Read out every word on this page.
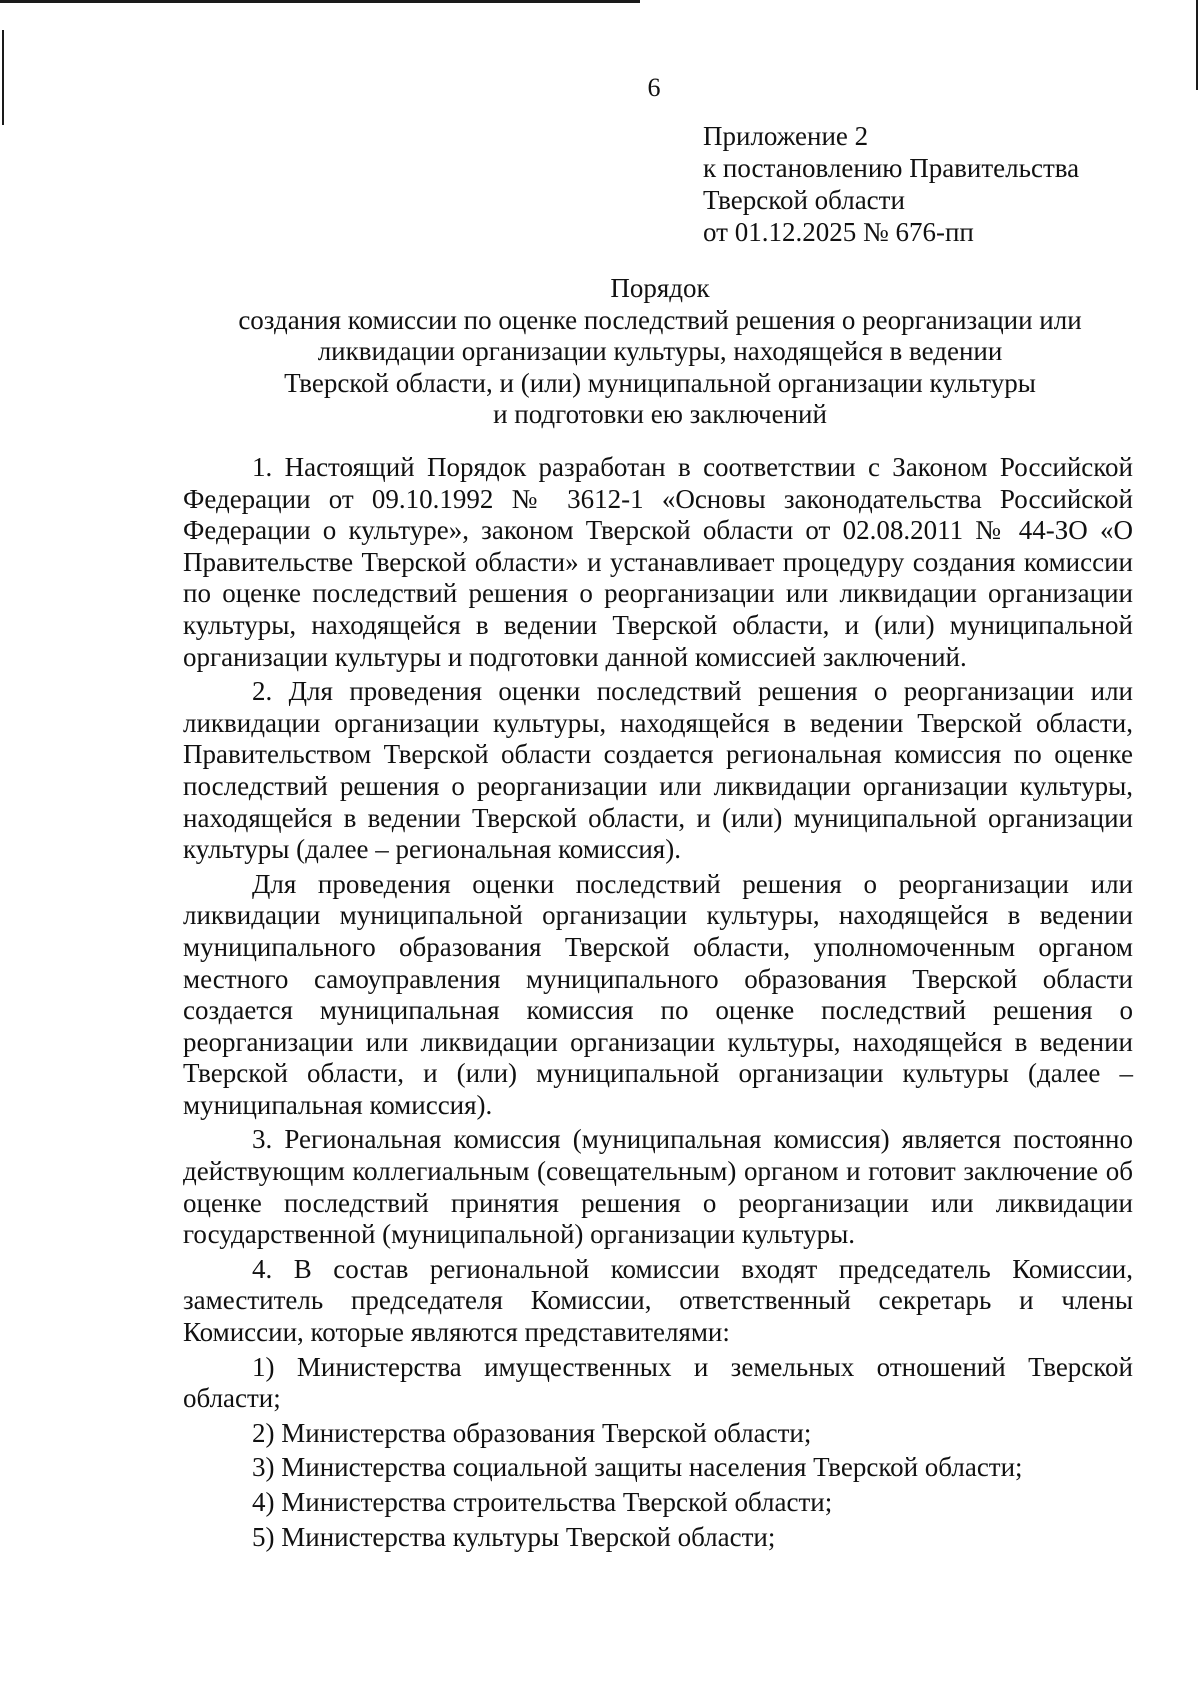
6
Приложение 2
к постановлению Правительства
Тверской области
от 01.12.2025 № 676-пп
Порядок
создания комиссии по оценке последствий решения о реорганизации или
ликвидации организации культуры, находящейся в ведении
Тверской области, и (или) муниципальной организации культуры
и подготовки ею заключений

1. Настоящий Порядок разработан в соответствии с Законом Российской Федерации от 09.10.1992 № 3612-1 «Основы законодательства Российской Федерации о культуре», законом Тверской области от 02.08.2011 № 44-ЗО «О Правительстве Тверской области» и устанавливает процедуру создания комиссии по оценке последствий решения о реорганизации или ликвидации организации культуры, находящейся в ведении Тверской области, и (или) муниципальной организации культуры и подготовки данной комиссией заключений.

2. Для проведения оценки последствий решения о реорганизации или ликвидации организации культуры, находящейся в ведении Тверской области, Правительством Тверской области создается региональная комиссия по оценке последствий решения о реорганизации или ликвидации организации культуры, находящейся в ведении Тверской области, и (или) муниципальной организации культуры (далее – региональная комиссия).

Для проведения оценки последствий решения о реорганизации или ликвидации муниципальной организации культуры, находящейся в ведении муниципального образования Тверской области, уполномоченным органом местного самоуправления муниципального образования Тверской области создается муниципальная комиссия по оценке последствий решения о реорганизации или ликвидации организации культуры, находящейся в ведении Тверской области, и (или) муниципальной организации культуры (далее – муниципальная комиссия).

3. Региональная комиссия (муниципальная комиссия) является постоянно действующим коллегиальным (совещательным) органом и готовит заключение об оценке последствий принятия решения о реорганизации или ликвидации государственной (муниципальной) организации культуры.

4. В состав региональной комиссии входят председатель Комиссии, заместитель председателя Комиссии, ответственный секретарь и члены Комиссии, которые являются представителями:

1) Министерства имущественных и земельных отношений Тверской области;

2) Министерства образования Тверской области;

3) Министерства социальной защиты населения Тверской области;

4) Министерства строительства Тверской области;

5) Министерства культуры Тверской области;
